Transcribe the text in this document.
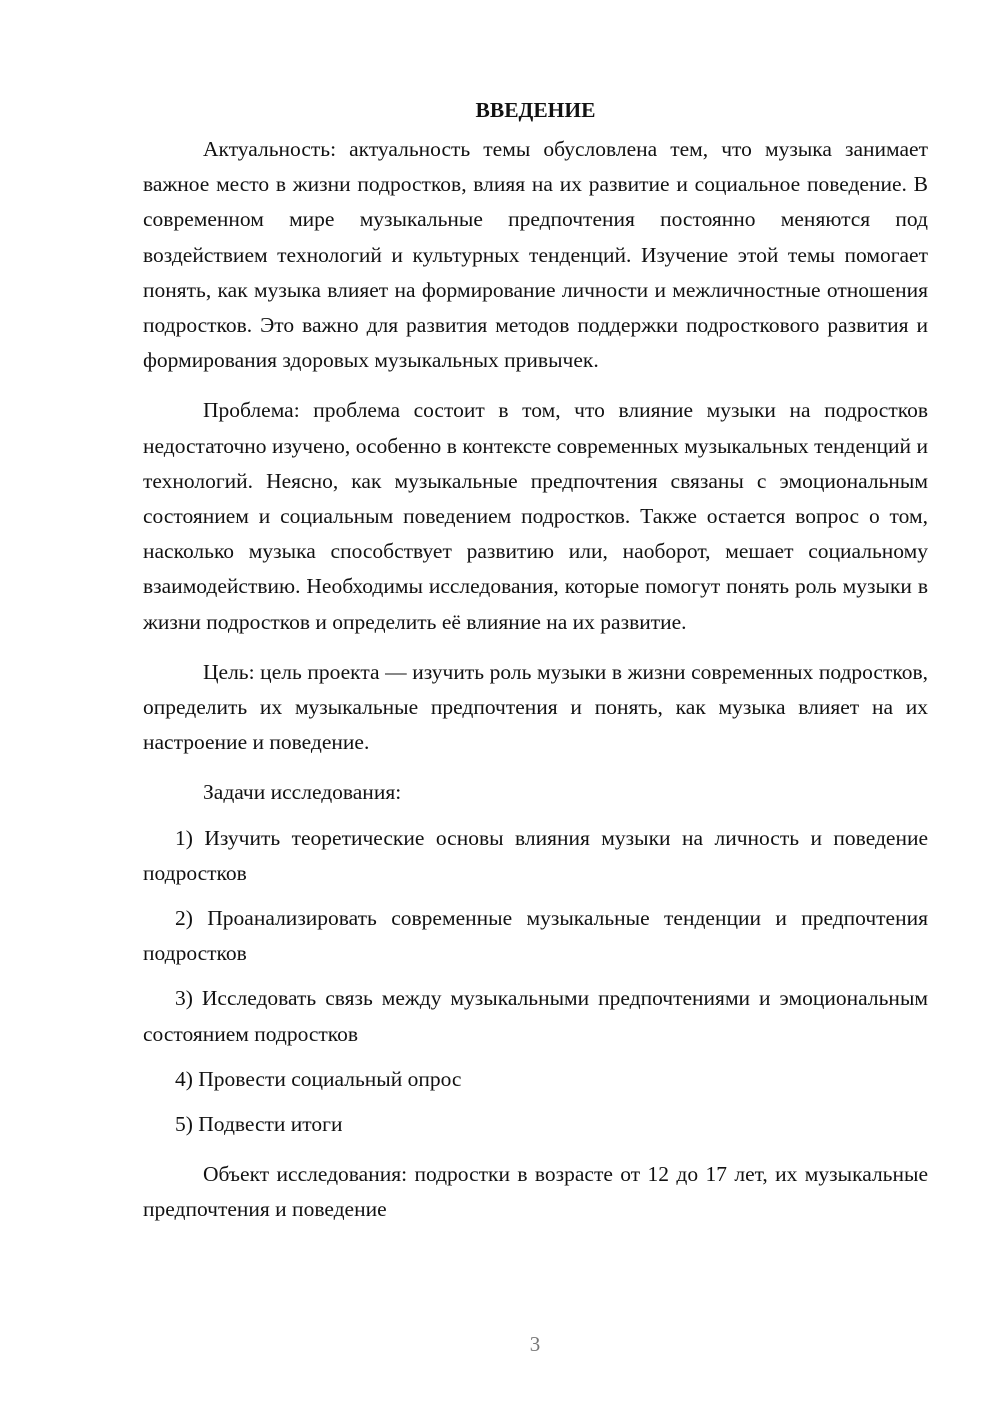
ВВЕДЕНИЕ

Актуальность: актуальность темы обусловлена тем, что музыка занимает важное место в жизни подростков, влияя на их развитие и социальное поведение. В современном мире музыкальные предпочтения постоянно меняются под воздействием технологий и культурных тенденций. Изучение этой темы помогает понять, как музыка влияет на формирование личности и межличностные отношения подростков. Это важно для развития методов поддержки подросткового развития и формирования здоровых музыкальных привычек.

Проблема: проблема состоит в том, что влияние музыки на подростков недостаточно изучено, особенно в контексте современных музыкальных тенденций и технологий. Неясно, как музыкальные предпочтения связаны с эмоциональным состоянием и социальным поведением подростков. Также остается вопрос о том, насколько музыка способствует развитию или, наоборот, мешает социальному взаимодействию. Необходимы исследования, которые помогут понять роль музыки в жизни подростков и определить её влияние на их развитие.

Цель: цель проекта — изучить роль музыки в жизни современных подростков, определить их музыкальные предпочтения и понять, как музыка влияет на их настроение и поведение.

Задачи исследования:

1) Изучить теоретические основы влияния музыки на личность и поведение подростков

2) Проанализировать современные музыкальные тенденции и предпочтения подростков

3) Исследовать связь между музыкальными предпочтениями и эмоциональным состоянием подростков

4) Провести социальный опрос

5) Подвести итоги

Объект исследования: подростки в возрасте от 12 до 17 лет, их музыкальные предпочтения и поведение

3
